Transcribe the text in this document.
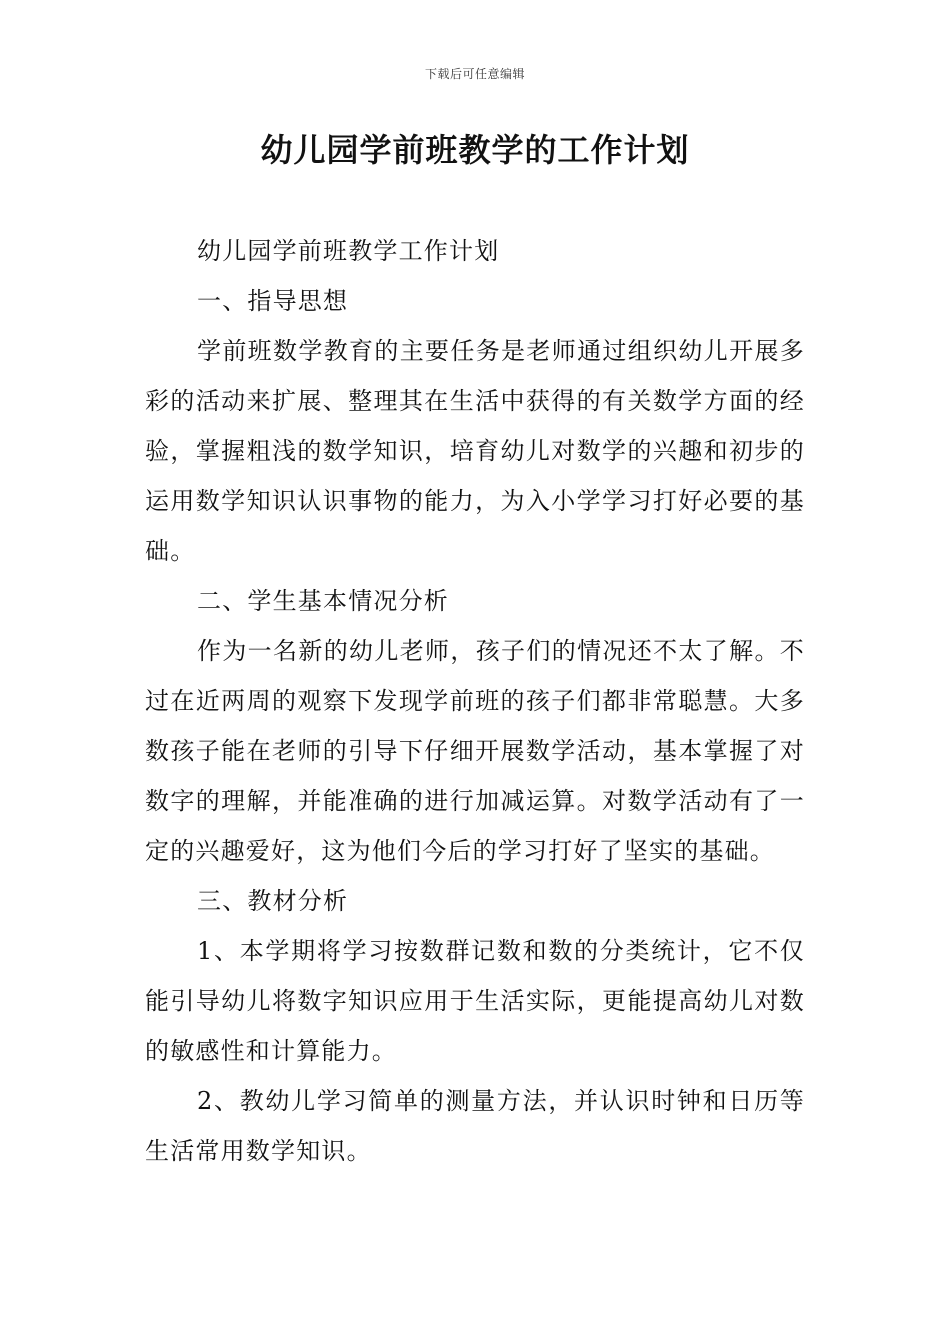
下载后可任意编辑
幼儿园学前班教学的工作计划

幼儿园学前班教学工作计划

一、指导思想

学前班数学教育的主要任务是老师通过组织幼儿开展多彩的活动来扩展、整理其在生活中获得的有关数学方面的经验，掌握粗浅的数学知识，培育幼儿对数学的兴趣和初步的运用数学知识认识事物的能力，为入小学学习打好必要的基础。

二、学生基本情况分析

作为一名新的幼儿老师，孩子们的情况还不太了解。不过在近两周的观察下发现学前班的孩子们都非常聪慧。大多数孩子能在老师的引导下仔细开展数学活动，基本掌握了对数字的理解，并能准确的进行加减运算。对数学活动有了一定的兴趣爱好，这为他们今后的学习打好了坚实的基础。

三、教材分析

1、本学期将学习按数群记数和数的分类统计，它不仅能引导幼儿将数字知识应用于生活实际，更能提高幼儿对数的敏感性和计算能力。

2、教幼儿学习简单的测量方法，并认识时钟和日历等生活常用数学知识。
